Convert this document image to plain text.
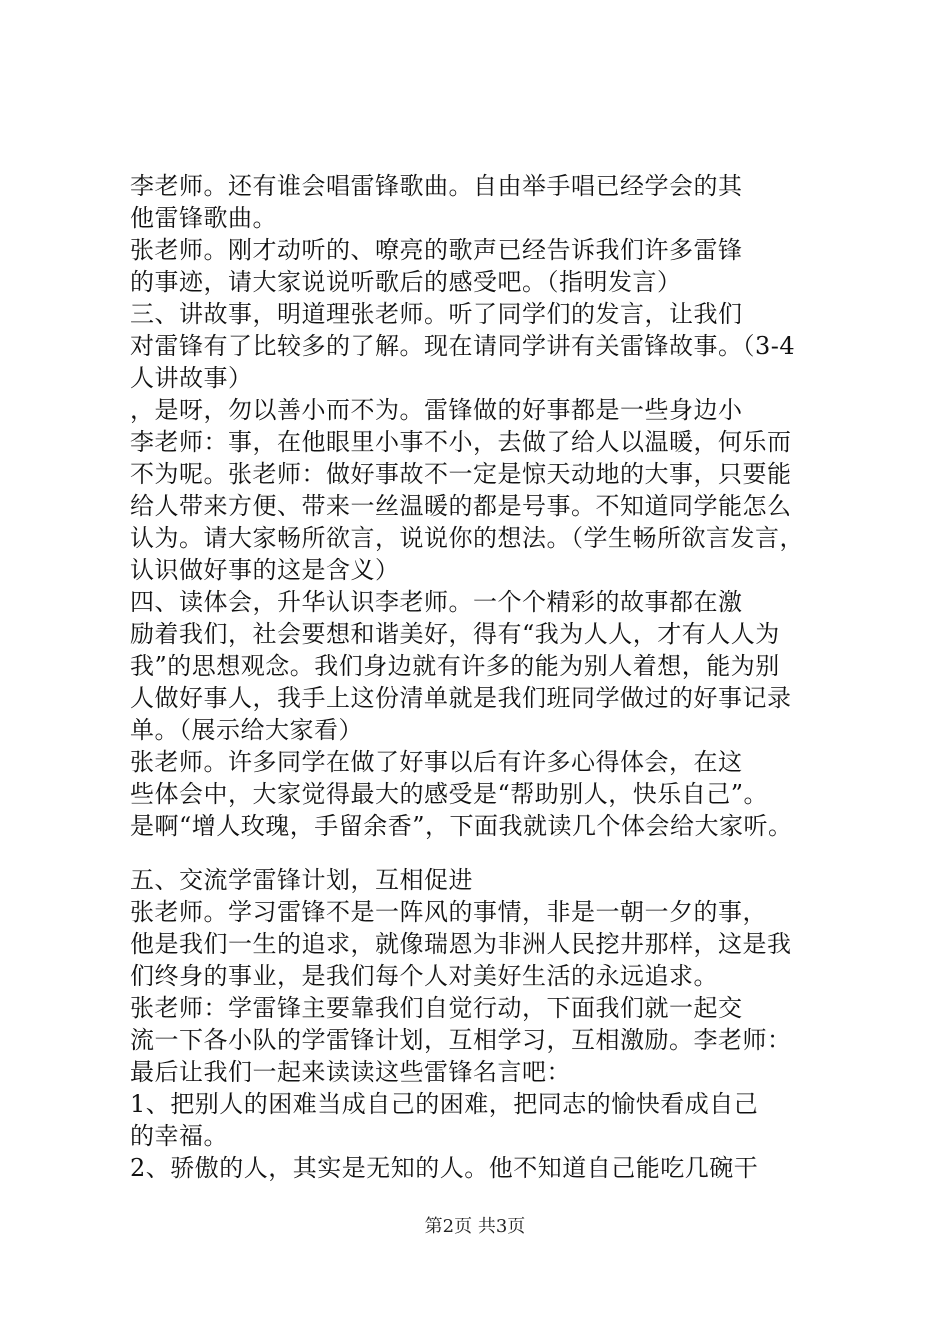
李老师。还有谁会唱雷锋歌曲。自由举手唱已经学会的其
他雷锋歌曲。
张老师。刚才动听的、嘹亮的歌声已经告诉我们许多雷锋
的事迹，请大家说说听歌后的感受吧。（指明发言）
三、讲故事，明道理张老师。听了同学们的发言，让我们
对雷锋有了比较多的了解。现在请同学讲有关雷锋故事。（3-4
人讲故事）
，是呀，勿以善小而不为。雷锋做的好事都是一些身边小
李老师：事，在他眼里小事不小，去做了给人以温暖，何乐而
不为呢。张老师：做好事故不一定是惊天动地的大事，只要能
给人带来方便、带来一丝温暖的都是号事。不知道同学能怎么
认为。请大家畅所欲言，说说你的想法。（学生畅所欲言发言，
认识做好事的这是含义）
四、读体会，升华认识李老师。一个个精彩的故事都在激
励着我们，社会要想和谐美好，得有“我为人人，才有人人为
我”的思想观念。我们身边就有许多的能为别人着想，能为别
人做好事人，我手上这份清单就是我们班同学做过的好事记录
单。（展示给大家看）
张老师。许多同学在做了好事以后有许多心得体会，在这
些体会中，大家觉得最大的感受是“帮助别人，快乐自己”。
是啊“增人玫瑰，手留余香”，下面我就读几个体会给大家听。
五、交流学雷锋计划，互相促进
张老师。学习雷锋不是一阵风的事情，非是一朝一夕的事，
他是我们一生的追求，就像瑞恩为非洲人民挖井那样，这是我
们终身的事业，是我们每个人对美好生活的永远追求。
张老师：学雷锋主要靠我们自觉行动，下面我们就一起交
流一下各小队的学雷锋计划，互相学习，互相激励。李老师：
最后让我们一起来读读这些雷锋名言吧：
1、把别人的困难当成自己的困难，把同志的愉快看成自己
的幸福。
2、骄傲的人，其实是无知的人。他不知道自己能吃几碗干
第2页 共3页
